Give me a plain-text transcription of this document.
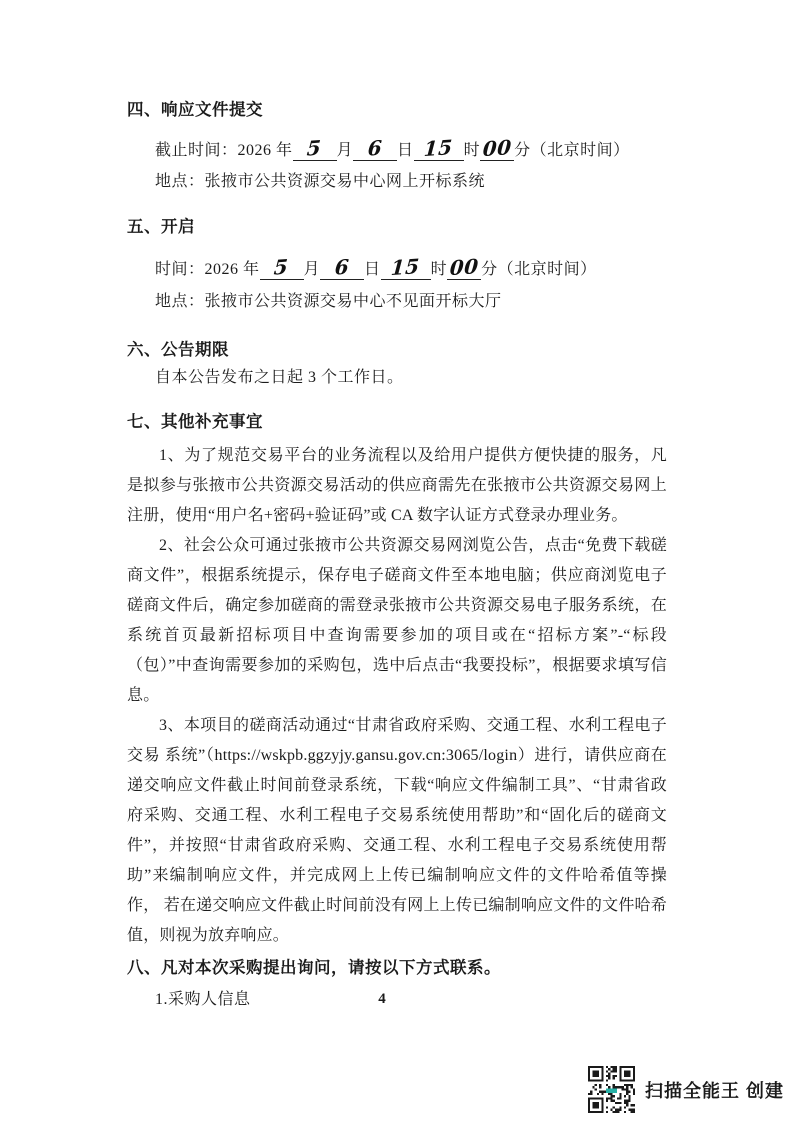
四、响应文件提交
截止时间：2026 年 5 月 6 日 15 时00 分（北京时间）
地点：张掖市公共资源交易中心网上开标系统
五、开启
时间：2026 年 5 月 6 日 15 时00 分（北京时间）
地点：张掖市公共资源交易中心不见面开标大厅
六、公告期限
自本公告发布之日起 3 个工作日。
七、其他补充事宜

1、为了规范交易平台的业务流程以及给用户提供方便快捷的服务，凡是拟参与张掖市公共资源交易活动的供应商需先在张掖市公共资源交易网上注册，使用“用户名+密码+验证码”或 CA 数字认证方式登录办理业务。

2、社会公众可通过张掖市公共资源交易网浏览公告，点击“免费下载磋商文件”，根据系统提示，保存电子磋商文件至本地电脑；供应商浏览电子磋商文件后，确定参加磋商的需登录张掖市公共资源交易电子服务系统，在系统首页最新招标项目中查询需要参加的项目或在“招标方案”-“标段（包）”中查询需要参加的采购包，选中后点击“我要投标”，根据要求填写信息。

3、本项目的磋商活动通过“甘肃省政府采购、交通工程、水利工程电子交易 系统”（https://wskpb.ggzyjy.gansu.gov.cn:3065/login）进行，请供应商在递交响应文件截止时间前登录系统，下载“响应文件编制工具”、“甘肃省政府采购、交通工程、水利工程电子交易系统使用帮助”和“固化后的磋商文件”，并按照“甘肃省政府采购、交通工程、水利工程电子交易系统使用帮 助”来编制响应文件，并完成网上上传已编制响应文件的文件哈希值等操作， 若在递交响应文件截止时间前没有网上上传已编制响应文件的文件哈希值，则视为放弃响应。

八、凡对本次采购提出询问，请按以下方式联系。
1.采购人信息	4
扫描全能王 创建
